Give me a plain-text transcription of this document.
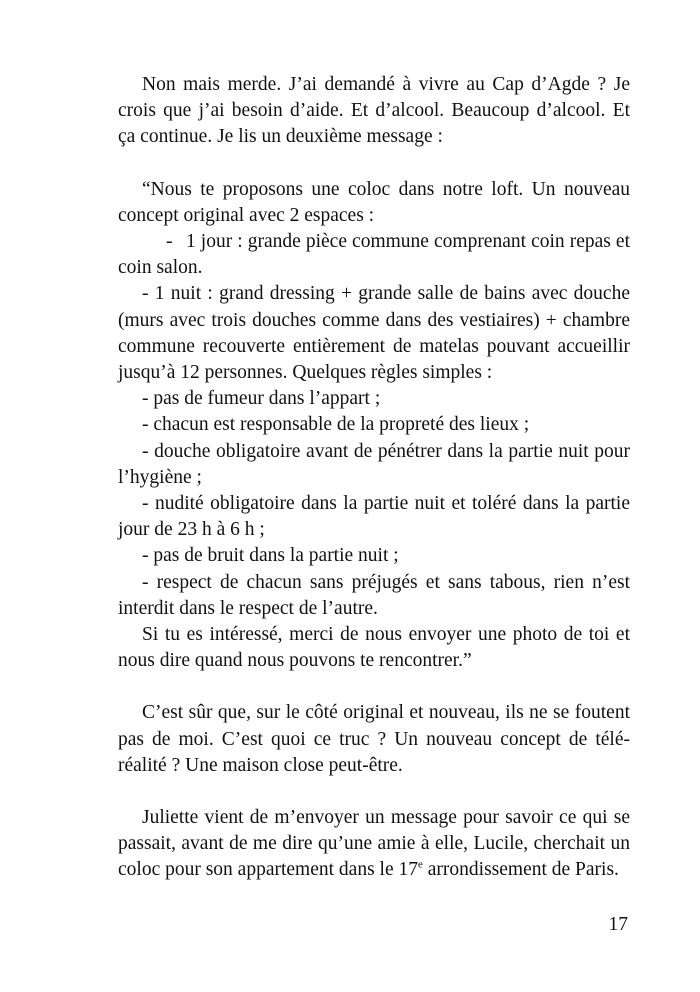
Non mais merde. J’ai demandé à vivre au Cap d’Agde ? Je crois que j’ai besoin d’aide. Et d’alcool. Beaucoup d’alcool. Et ça continue. Je lis un deuxième message :

“Nous te proposons une coloc dans notre loft. Un nouveau concept original avec 2 espaces :

- 1 jour : grande pièce commune comprenant coin repas et coin salon.

- 1 nuit : grand dressing + grande salle de bains avec douche (murs avec trois douches comme dans des vestiaires) + chambre commune recouverte entièrement de matelas pouvant accueillir jusqu’à 12 personnes. Quelques règles simples :

- pas de fumeur dans l’appart ;

- chacun est responsable de la propreté des lieux ;

- douche obligatoire avant de pénétrer dans la partie nuit pour l’hygiène ;

- nudité obligatoire dans la partie nuit et toléré dans la partie jour de 23 h à 6 h ;

- pas de bruit dans la partie nuit ;

- respect de chacun sans préjugés et sans tabous, rien n’est interdit dans le respect de l’autre.

Si tu es intéressé, merci de nous envoyer une photo de toi et nous dire quand nous pouvons te rencontrer.”

C’est sûr que, sur le côté original et nouveau, ils ne se foutent pas de moi. C’est quoi ce truc ? Un nouveau concept de télé-réalité ? Une maison close peut-être.

Juliette vient de m’envoyer un message pour savoir ce qui se passait, avant de me dire qu’une amie à elle, Lucile, cherchait un coloc pour son appartement dans le 17e arrondissement de Paris.

17
